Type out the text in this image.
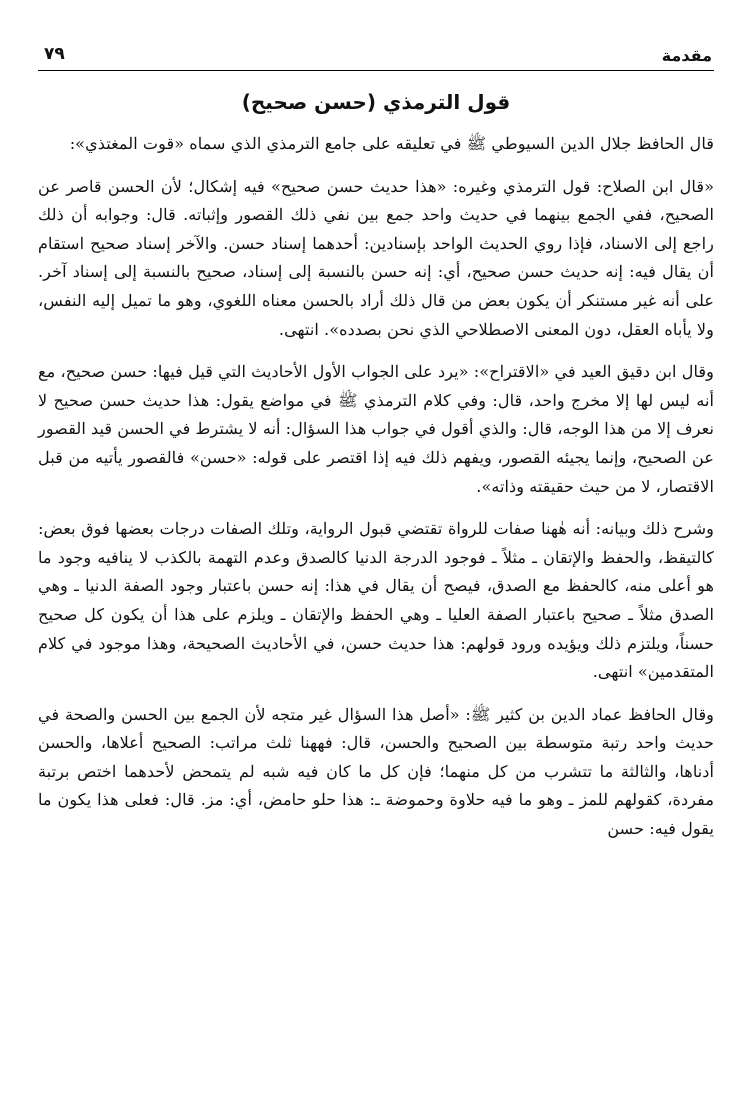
مقدمة
٧٩
قول الترمذي (حسن صحيح)

قال الحافظ جلال الدين السيوطي ﷺ في تعليقه على جامع الترمذي الذي سماه «قوت المغتذي»:

«قال ابن الصلاح: قول الترمذي وغيره: «هذا حديث حسن صحيح» فيه إشكال؛ لأن الحسن قاصر عن الصحيح، ففي الجمع بينهما في حديث واحد جمع بين نفي ذلك القصور وإثباته. قال: وجوابه أن ذلك راجع إلى الاسناد، فإذا روي الحديث الواحد بإسنادين: أحدهما إسناد حسن. والآخر إسناد صحيح استقام أن يقال فيه: إنه حديث حسن صحيح، أي: إنه حسن بالنسبة إلى إسناد، صحيح بالنسبة إلى إسناد آخر. على أنه غير مستنكر أن يكون بعض من قال ذلك أراد بالحسن معناه اللغوي، وهو ما تميل إليه النفس، ولا يأباه العقل، دون المعنى الاصطلاحي الذي نحن بصدده». انتهى.

وقال ابن دقيق العيد في «الاقتراح»: «يرد على الجواب الأول الأحاديث التي قيل فيها: حسن صحيح، مع أنه ليس لها إلا مخرج واحد، قال: وفي كلام الترمذي ﷺ في مواضع يقول: هذا حديث حسن صحيح لا نعرف إلا من هذا الوجه، قال: والذي أقول في جواب هذا السؤال: أنه لا يشترط في الحسن قيد القصور عن الصحيح، وإنما يجيئه القصور، ويفهم ذلك فيه إذا اقتصر على قوله: «حسن» فالقصور يأتيه من قبل الاقتصار، لا من حيث حقيقته وذاته».

وشرح ذلك وبيانه: أنه هٰهنا صفات للرواة تقتضي قبول الرواية، وتلك الصفات درجات بعضها فوق بعض: كالتيقظ، والحفظ والإتقان ـ مثلاً ـ فوجود الدرجة الدنيا كالصدق وعدم التهمة بالكذب لا ينافيه وجود ما هو أعلى منه، كالحفظ مع الصدق، فيصح أن يقال في هذا: إنه حسن باعتبار وجود الصفة الدنيا ـ وهي الصدق مثلاً ـ صحيح باعتبار الصفة العليا ـ وهي الحفظ والإتقان ـ ويلزم على هذا أن يكون كل صحيح حسناً، ويلتزم ذلك ويؤيده ورود قولهم: هذا حديث حسن، في الأحاديث الصحيحة، وهذا موجود في كلام المتقدمين» انتهى.

وقال الحافظ عماد الدين بن كثير ﷺ: «أصل هذا السؤال غير متجه لأن الجمع بين الحسن والصحة في حديث واحد رتبة متوسطة بين الصحيح والحسن، قال: فههنا ثلث مراتب: الصحيح أعلاها، والحسن أدناها، والثالثة ما تتشرب من كل منهما؛ فإن كل ما كان فيه شبه لم يتمحض لأحدهما اختص برتبة مفردة، كقولهم للمز ـ وهو ما فيه حلاوة وحموضة ـ: هذا حلو حامض، أي: مز. قال: فعلى هذا يكون ما يقول فيه: حسن
